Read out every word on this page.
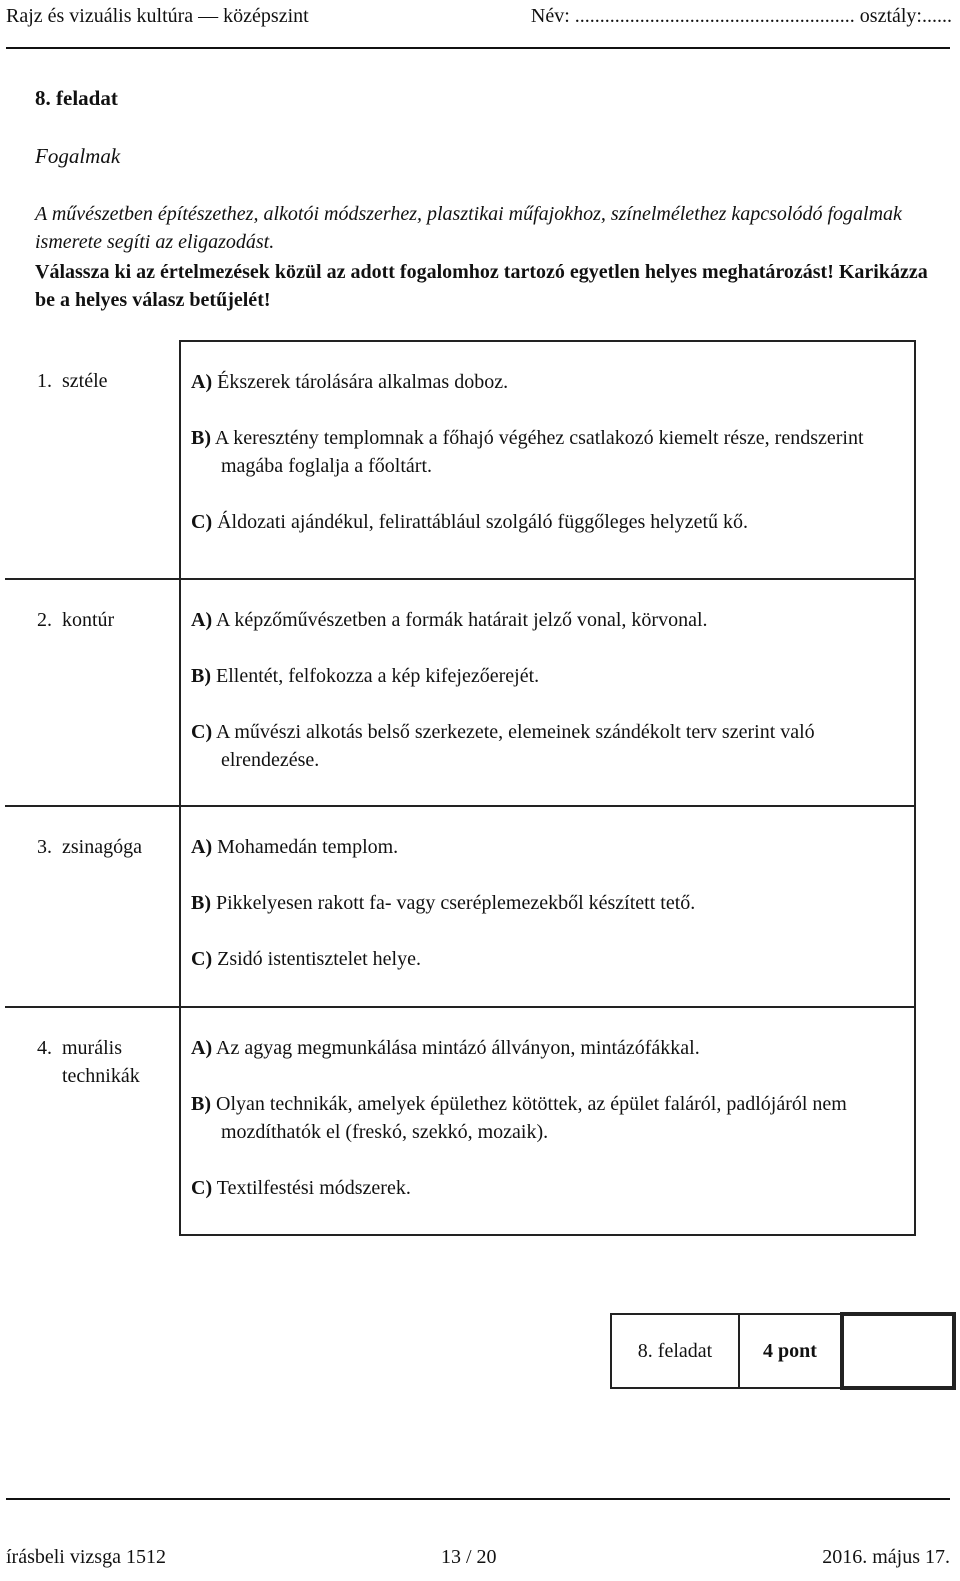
Rajz és vizuális kultúra — középszint	Név: ........................................................ osztály:......
8. feladat
Fogalmak
A művészetben építészethez, alkotói módszerhez, plasztikai műfajokhoz, színelmélethez kapcsolódó fogalmak ismerete segíti az eligazodást.
Válassza ki az értelmezések közül az adott fogalomhoz tartozó egyetlen helyes meghatározást! Karikázza be a helyes válasz betűjelét!
1.	sztéle	A) Ékszerek tárolására alkalmas doboz.
B) A keresztény templomnak a főhajó végéhez csatlakozó kiemelt része, rendszerint magába foglalja a főoltárt.
C) Áldozati ajándékul, felirattáblául szolgáló függőleges helyzetű kő.

2.	kontúr	A) A képzőművészetben a formák határait jelző vonal, körvonal.
B) Ellentét, felfokozza a kép kifejezőerejét.
C) A művészi alkotás belső szerkezete, elemeinek szándékolt terv szerint való elrendezése.

3.	zsinagóga	A) Mohamedán templom.
B) Pikkelyesen rakott fa- vagy cseréplemezekből készített tető.
C) Zsidó istentisztelet helye.

4.	murális technikák	A) Az agyag megmunkálása mintázó állványon, mintázófákkal.
B) Olyan technikák, amelyek épülethez kötöttek, az épület faláról, padlójáról nem mozdíthatók el (freskó, szekkó, mozaik).
C) Textilfestési módszerek.
8. feladat	4 pont	
írásbeli vizsga 1512	13 / 20	2016. május 17.
